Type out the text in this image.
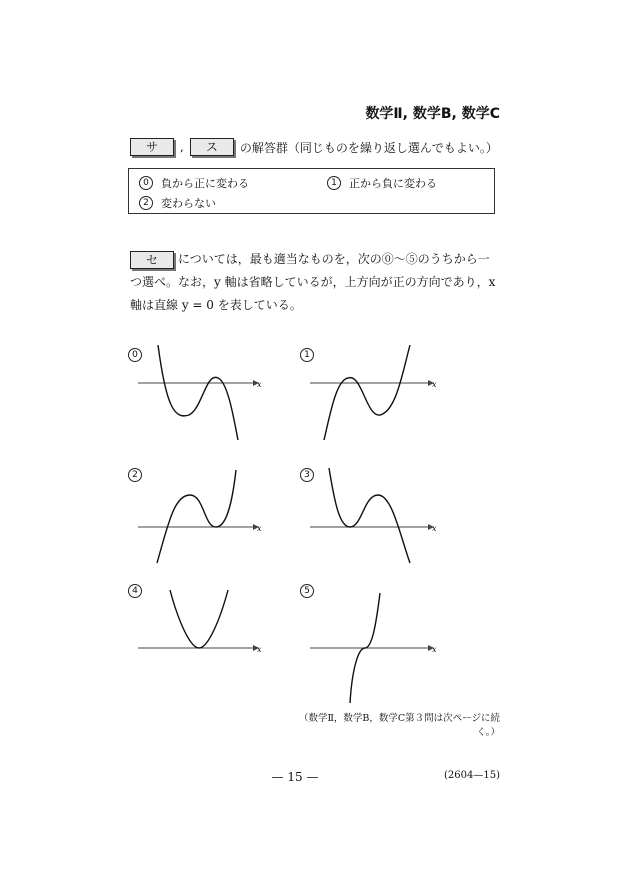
数学Ⅱ, 数学B, 数学C
サ	,	ス	の解答群（同じものを繰り返し選んでもよい。）
0	負から正に変わる	1	正から負に変わる
2	変わらない
セ については，最も適当なものを，次の⓪〜⑤のうちから一つ選べ。なお，y 軸は省略しているが，上方向が正の方向であり，x 軸は直線 y = 0 を表している。
0
x
1
x
2
x
3
x
4
x
5
x
（数学Ⅱ，数学B，数学C第３問は次ページに続く。）
— 15 —	(2604—15)
